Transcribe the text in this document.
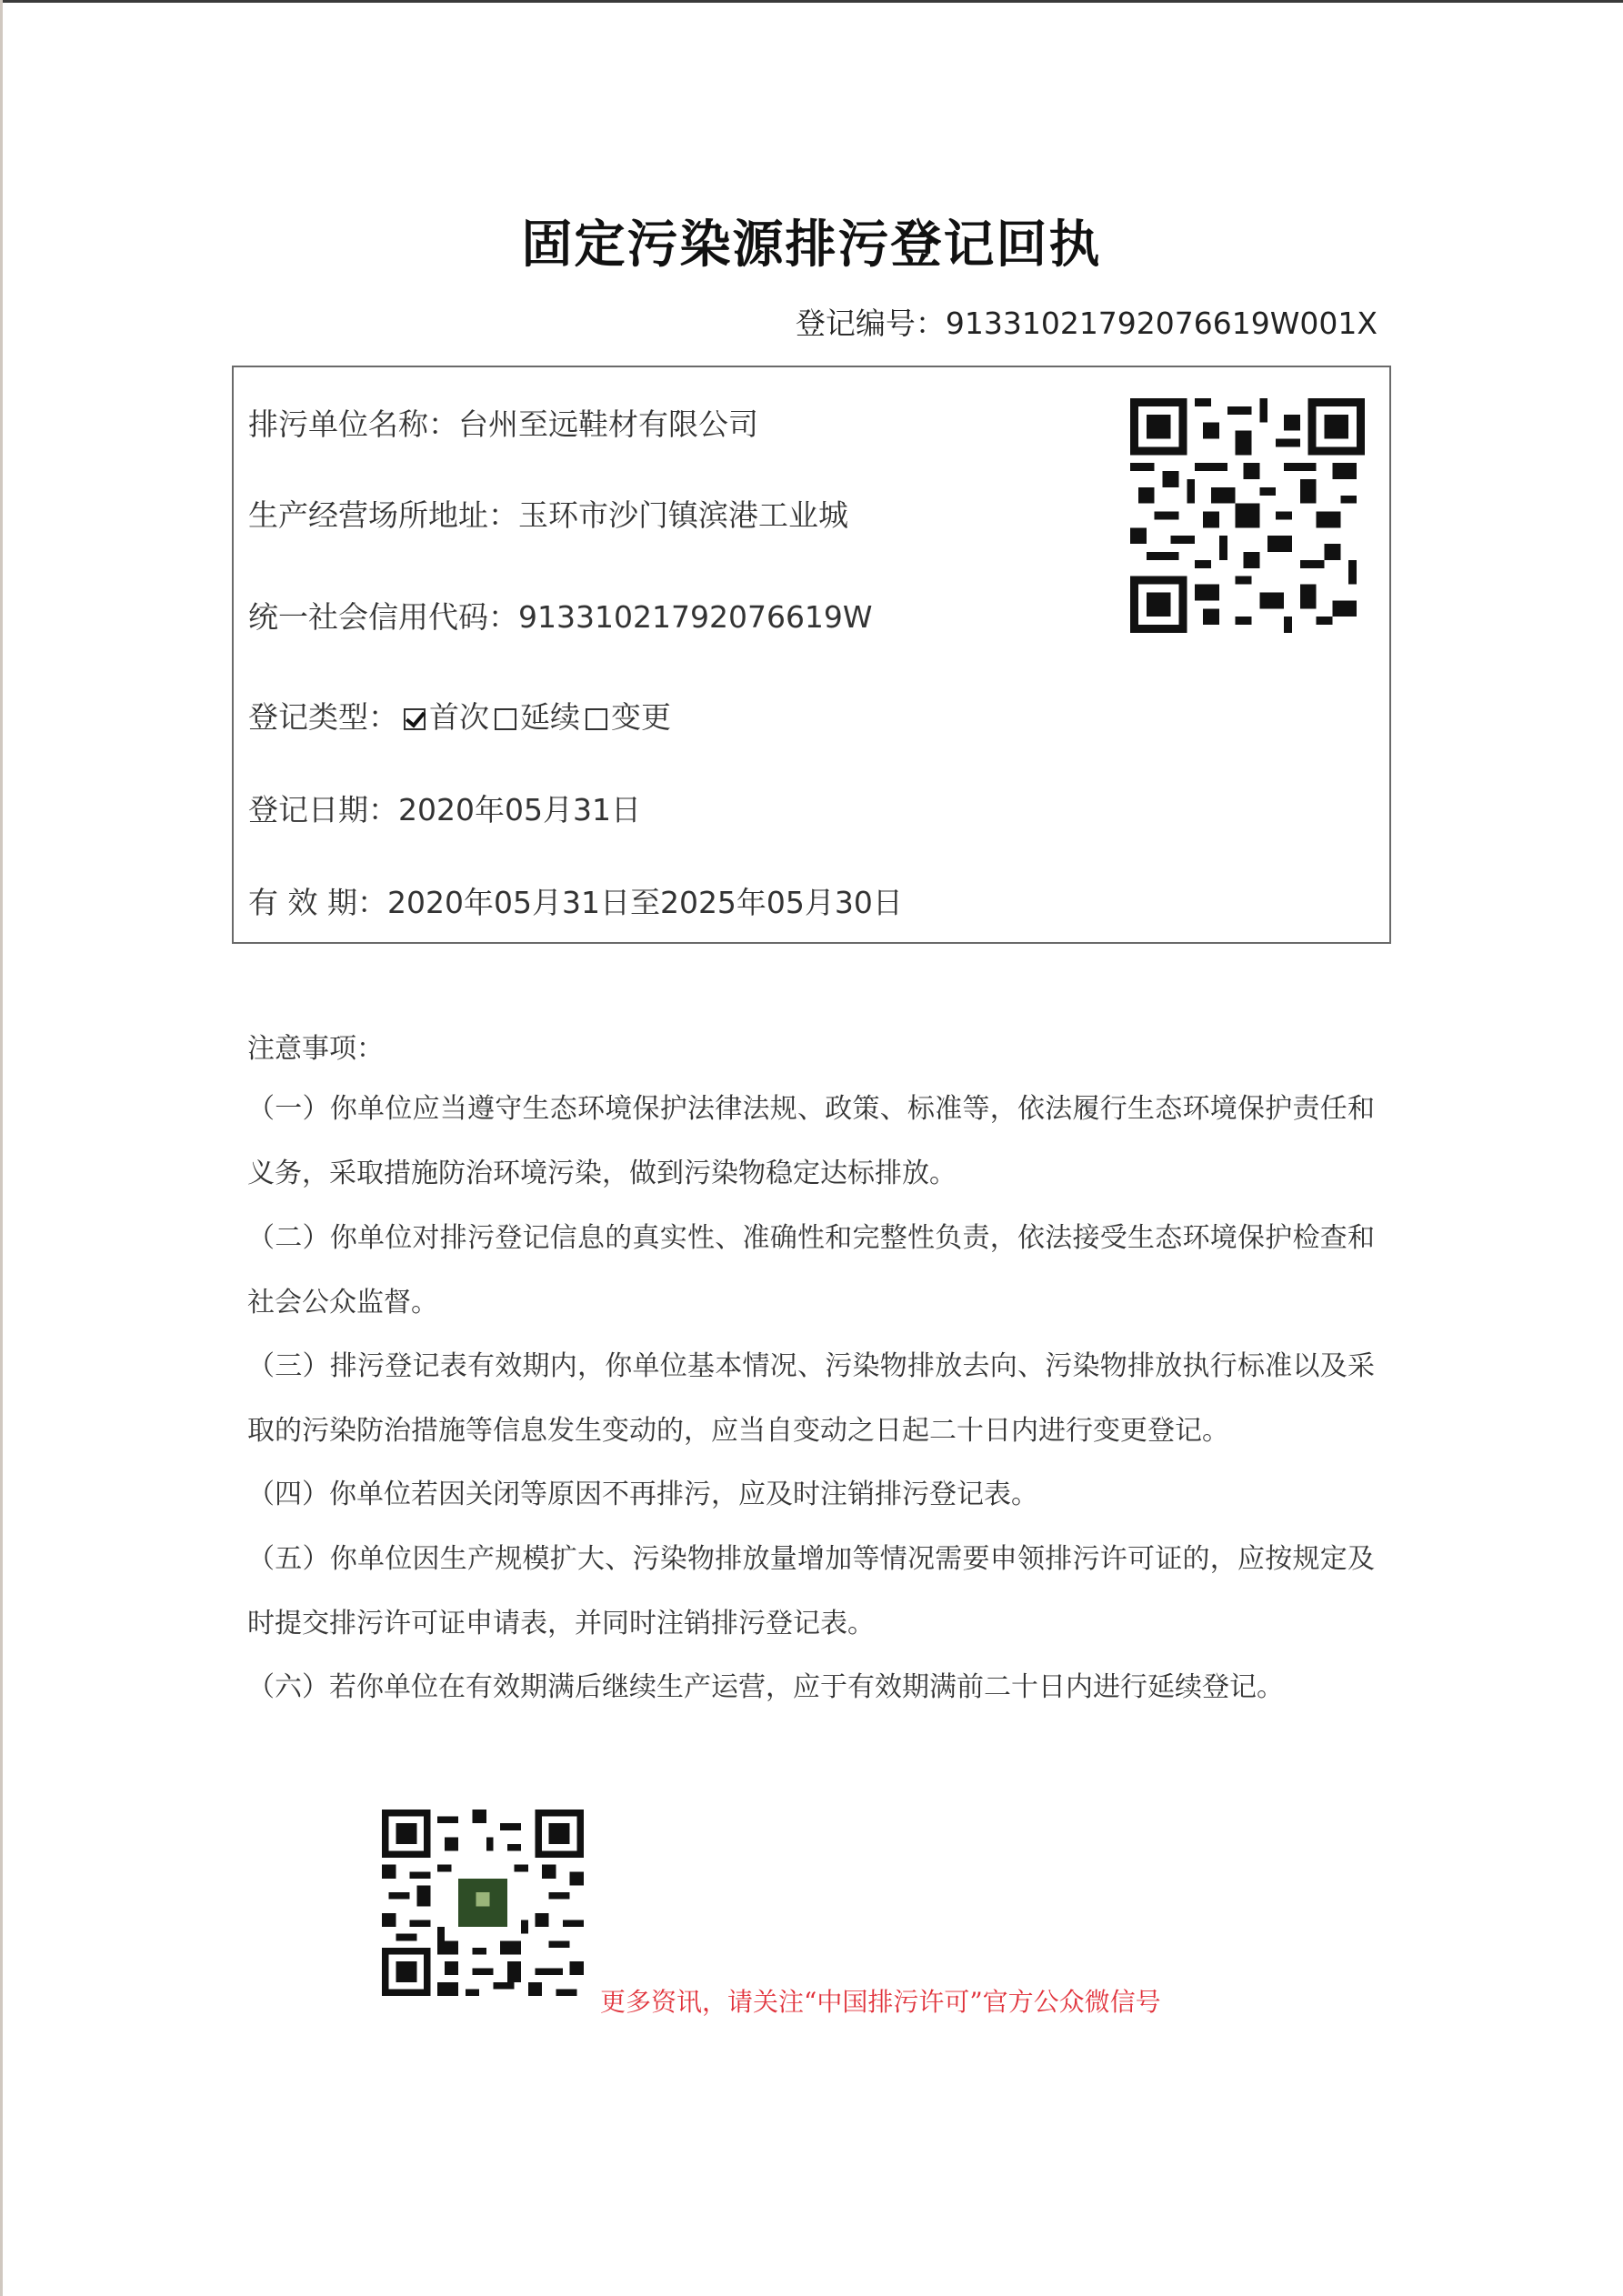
固定污染源排污登记回执
登记编号：91331021792076619W001X
排污单位名称：台州至远鞋材有限公司
生产经营场所地址：玉环市沙门镇滨港工业城
统一社会信用代码：91331021792076619W
登记类型： 首次 延续 变更
登记日期：2020年05月31日
有 效 期：2020年05月31日至2025年05月30日
注意事项：
（一）你单位应当遵守生态环境保护法律法规、政策、标准等，依法履行生态环境保护责任和义务，采取措施防治环境污染，做到污染物稳定达标排放。
（二）你单位对排污登记信息的真实性、准确性和完整性负责，依法接受生态环境保护检查和社会公众监督。
（三）排污登记表有效期内，你单位基本情况、污染物排放去向、污染物排放执行标准以及采取的污染防治措施等信息发生变动的，应当自变动之日起二十日内进行变更登记。
（四）你单位若因关闭等原因不再排污，应及时注销排污登记表。
（五）你单位因生产规模扩大、污染物排放量增加等情况需要申领排污许可证的，应按规定及时提交排污许可证申请表，并同时注销排污登记表。
（六）若你单位在有效期满后继续生产运营，应于有效期满前二十日内进行延续登记。
更多资讯，请关注“中国排污许可”官方公众微信号
